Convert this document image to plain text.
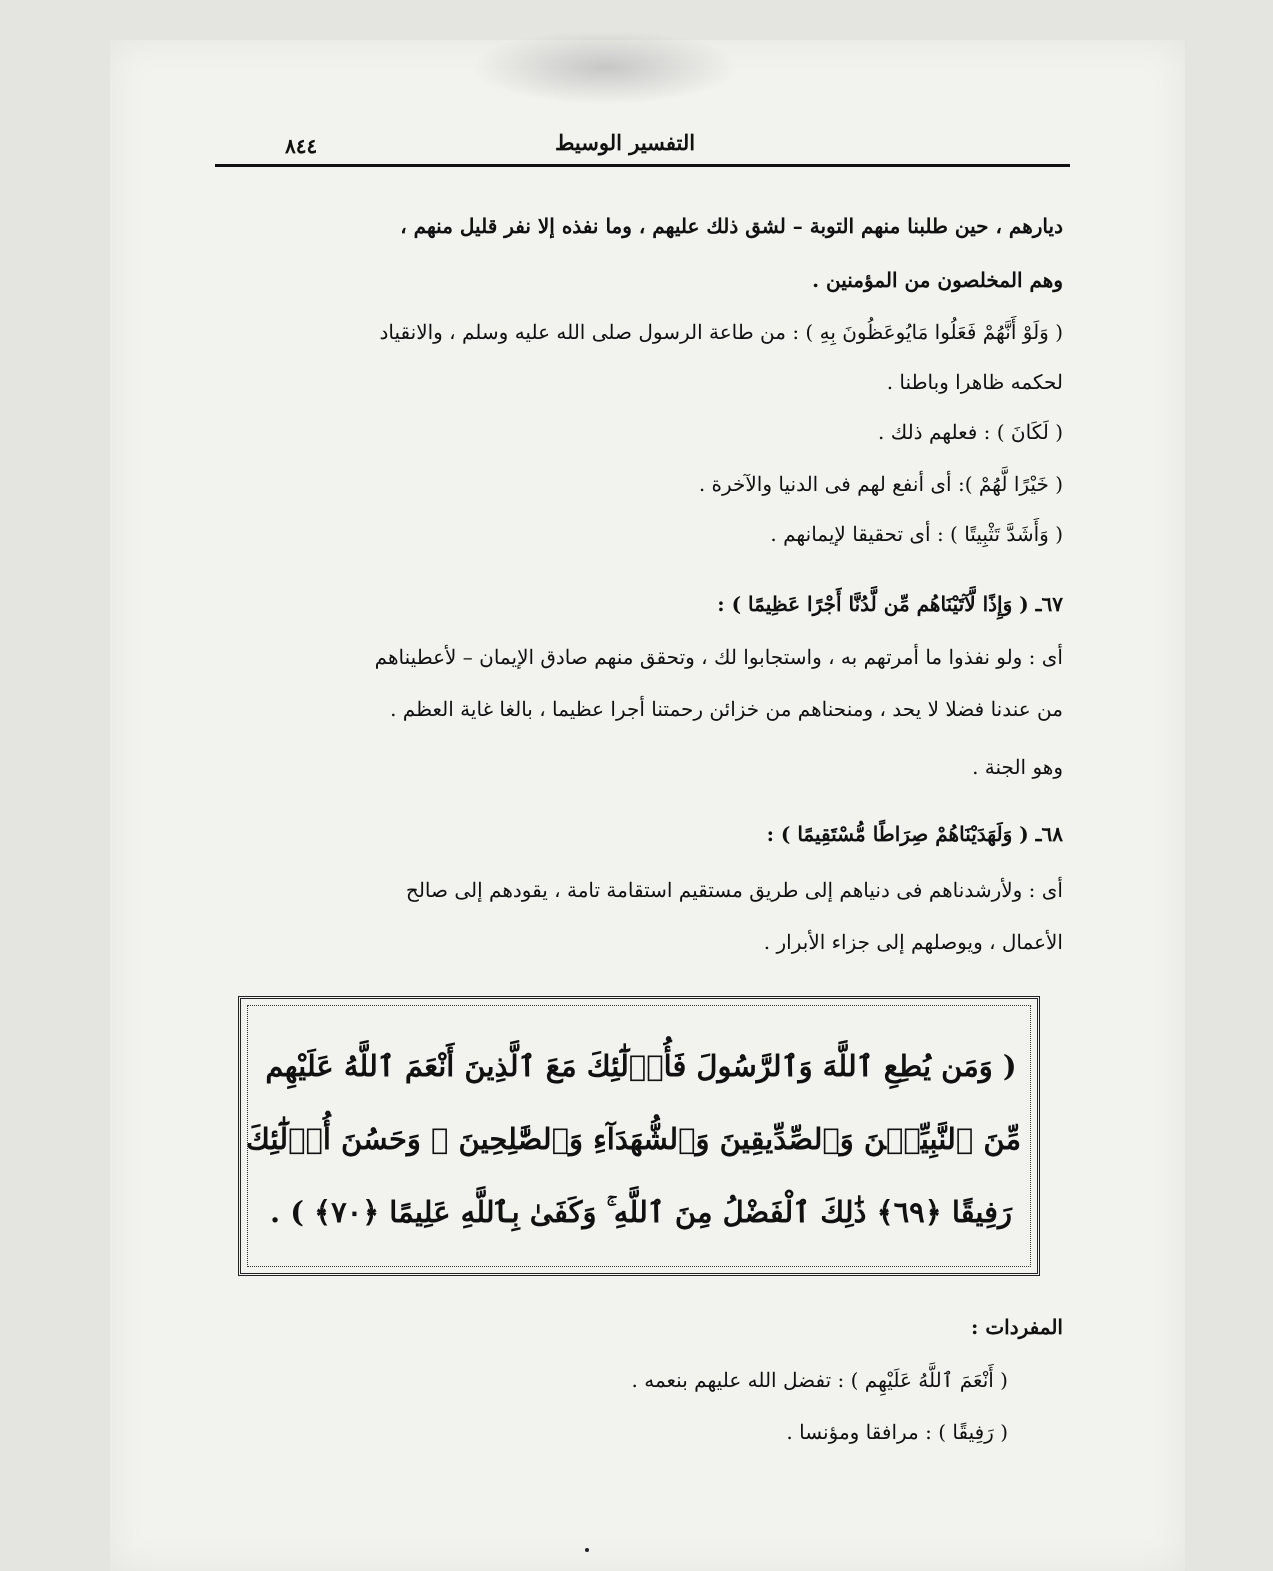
٨٤٤	التفسير الوسيط
ديارهم ، حين طلبنا منهم التوبة – لشق ذلك عليهم ، وما نفذه إلا نفر قليل منهم ،
وهم المخلصون من المؤمنين .
( وَلَوْ أَنَّهُمْ فَعَلُوا مَايُوعَظُونَ بِهِ ) : من طاعة الرسول صلى الله عليه وسلم ، والانقياد
لحكمه ظاهرا وباطنا .
( لَكَانَ ) : فعلهم ذلك .
( خَيْرًا لَّهُمْ ): أى أنفع لهم فى الدنيا والآخرة .
( وَأَشَدَّ تَثْبِيتًا ) : أى تحقيقا لإيمانهم .
٦٧ـ ( وَإِذًا لَّآتَيْنَاهُم مِّن لَّدُنَّا أَجْرًا عَظِيمًا ) :
أى : ولو نفذوا ما أمرتهم به ، واستجابوا لك ، وتحقق منهم صادق الإيمان – لأعطيناهم
من عندنا فضلا لا يحد ، ومنحناهم من خزائن رحمتنا أجرا عظيما ، بالغا غاية العظم .
وهو الجنة .
٦٨ـ ( وَلَهَدَيْنَاهُمْ صِرَاطًا مُّسْتَقِيمًا ) :
أى : ولأرشدناهم فى دنياهم إلى طريق مستقيم استقامة تامة ، يقودهم إلى صالح
الأعمال ، ويوصلهم إلى جزاء الأبرار .
( وَمَن يُطِعِ ٱللَّهَ وَٱلرَّسُولَ فَأُو۟لَٰٓئِكَ مَعَ ٱلَّذِينَ أَنْعَمَ ٱللَّهُ عَلَيْهِم
مِّنَ ٱلنَّبِيِّـۧنَ وَٱلصِّدِّيقِينَ وَٱلشُّهَدَآءِ وَٱلصَّٰلِحِينَ ۚ وَحَسُنَ أُو۟لَٰٓئِكَ
رَفِيقًا ﴿٦٩﴾ ذَٰلِكَ ٱلْفَضْلُ مِنَ ٱللَّهِ ۚ وَكَفَىٰ بِٱللَّهِ عَلِيمًا ﴿٧٠﴾ ) .
المفردات :
( أَنْعَمَ ٱللَّهُ عَلَيْهِم ) : تفضل الله عليهم بنعمه .
( رَفِيقًا ) : مرافقا ومؤنسا .
